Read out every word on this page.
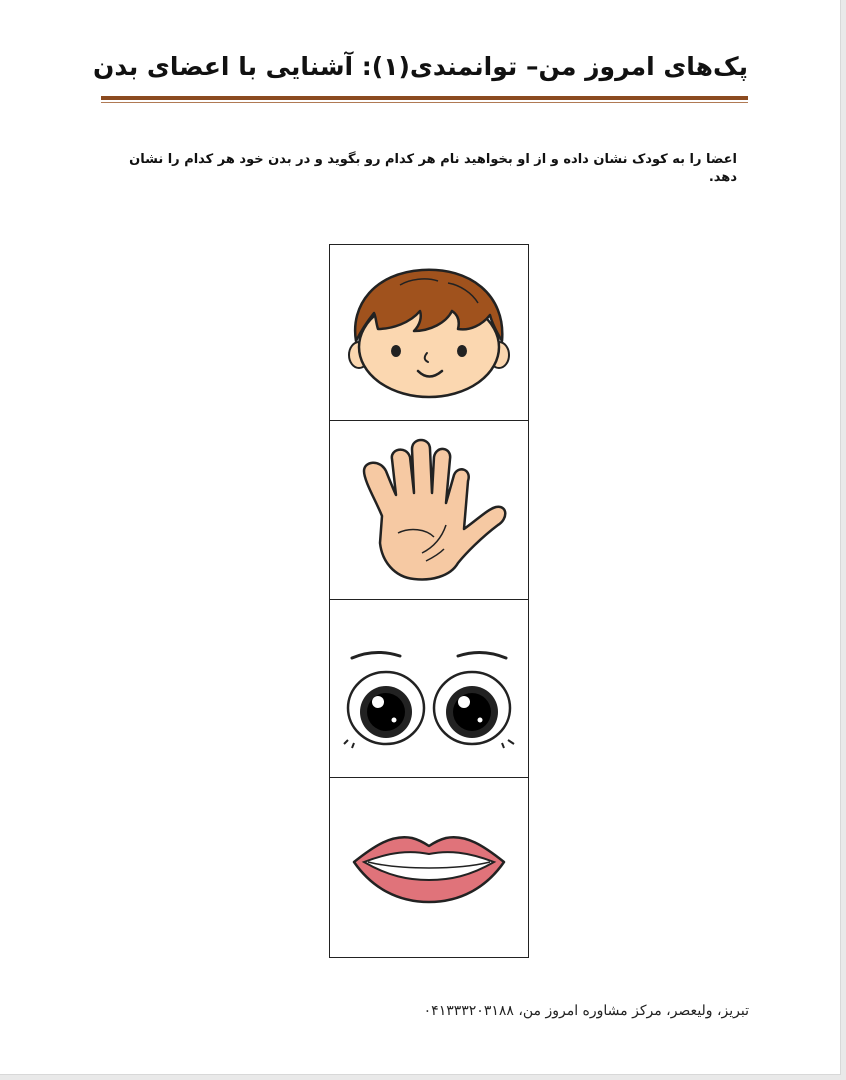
پک‌های امروز من– توانمندی(۱): آشنایی با اعضای بدن
اعضا را به کودک نشان داده و از او بخواهید نام هر کدام رو بگوید و در بدن خود هر کدام را نشان دهد.
تبریز، ولیعصر، مرکز مشاوره امروز من، ۰۴۱۳۳۳۲۰۳۱۸۸
